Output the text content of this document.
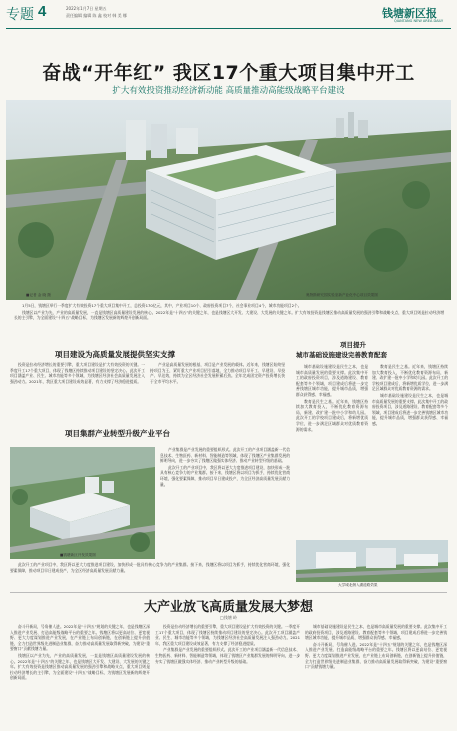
专题 4	2022年1月7日 星期五
责任编辑 编辑 陈 鑫 校对 韩 美 娜	钱塘新区报
QIANTANG NEW AREA DAILY
奋战“开年红” 我区17个重大项目集中开工
扩大有效投资推动经济新动能 高质量推动高能级战略平台建设
■记者 金 晓 摄	奥特斯研究园实验室新产业化中心项目效果图

1月5日，钱塘区举行一季度扩大有效投资17个重大项目集中开工，总投资170亿元，其中，产业项目10个、政府投资项目7个，社会事业项目4个，城市功能项目2个。

钱塘区以产业为先，产业的高质量发展，一直是钱塘区高质量建设发展的核心。2022年是“十四五”的关键之年，也是钱塘区大开发、大建设、大发展的关键之年。扩大有效投资是钱塘区推动高质量发展的强劲引擎和战略支点，重大项目则是拉动经济增长的主引擎，为全面建设“十四五”战略目标，为钱塘区发展新的辉煌开创新局面。

项目建设为高质量发展提供坚实支撑

投资是拉动经济增长的重要引擎，重大项目建设是扩大有效投资的关键。一季度开工17个重大项目，体现了钱塘区持续推动项目建设的坚定决心。此次开工项目涵盖产业、民生、城市功能等多个领域，为钱塘区经济社会高质量发展注入强劲动力。2021年，我区重大项目建设成效显著，有力支撑了经济稳进提质。

产业是高质量发展的根基，项目是产业发展的载体。近年来，钱塘区始终坚持项目为王，紧盯重大产业项目招引落地，全力推动项目早开工、早建设、早投产、早达效，持续为全区经济社会发展积蓄后劲。全年完成固定资产投资增长快于全市平均水平。

项目集群产业转型升级产业平台
■钱塘新区开发效果图

产业集群是产业发展的重要组织形式。此次开工的产业项目涵盖新一代信息技术、生物医药、新材料、智能制造等领域，体现了钱塘区产业集群发展的鲜明导向，进一步夯实了钱塘区做强实体经济、推动产业转型升级的基础。

此次开工的产业项目中，我区将以更大力度推进项目建设，加快形成一批具有核心竞争力的产业集群。接下来，钱塘区将以项目为抓手，持续优化营商环境，强化要素保障，推动项目早日建成投产，为全区经济高质量发展贡献力量。

此次开工的产业项目中，我区将以更大力度推进项目建设，加快形成一批具有核心竞争力的产业集群。接下来，钱塘区将以项目为抓手，持续优化营商环境，强化要素保障，推动项目早日建成投产，为全区经济高质量发展贡献力量。

项目提升
城市基础设施建设完善教育配套

城市基础设施建设是民生之本，也是城市高质量发展的重要支撑。此次集中开工的政府投资项目，涉及道路建设、教育配套等多个领域，项目建成后将进一步完善钱塘区城市功能，提升城市品质，增强群众获得感、幸福感。

教育是民生之基。近年来，钱塘区持续加大教育投入，不断优化教育资源布局，新建、改扩建一批中小学和幼儿园。此次开工的学校项目建成后，将新增优质学位，进一步满足区域群众对优质教育资源的需求。

教育是民生之基。近年来，钱塘区持续加大教育投入，不断优化教育资源布局，新建、改扩建一批中小学和幼儿园。此次开工的学校项目建成后，将新增优质学位，进一步满足区域群众对优质教育资源的需求。

城市基础设施建设是民生之本，也是城市高质量发展的重要支撑。此次集中开工的政府投资项目，涉及道路建设、教育配套等多个领域，项目建成后将进一步完善钱塘区城市功能，提升城市品质，增强群众获得感、幸福感。

大学城北侧入湖道路效果
大产业放飞高质量发展大梦想
□钱塘 岭

奋斗开新局，号角催人进。2022年是“十四五”规划的关键之年，也是钱塘区深入推进产业发展、打造高能级战略平台的重要之年。钱塘区将以更高站位、更宽视野、更大力度谋划推进产业发展，在产业链上布局创新链，在创新链上提升价值链，全力打造世界级先进制造业集群，奋力推动高质量发展取得新突破，为建设“重要窗口”贡献钱塘力量。

钱塘区以产业为先，产业的高质量发展，一直是钱塘区高质量建设发展的核心。2022年是“十四五”的关键之年，也是钱塘区大开发、大建设、大发展的关键之年。扩大有效投资是钱塘区推动高质量发展的强劲引擎和战略支点，重大项目则是拉动经济增长的主引擎，为全面建设“十四五”战略目标，为钱塘区发展新的辉煌开创新局面。

投资是拉动经济增长的重要引擎，重大项目建设是扩大有效投资的关键。一季度开工17个重大项目，体现了钱塘区持续推动项目建设的坚定决心。此次开工项目涵盖产业、民生、城市功能等多个领域，为钱塘区经济社会高质量发展注入强劲动力。2021年，我区重大项目建设成效显著，有力支撑了经济稳进提质。

产业集群是产业发展的重要组织形式。此次开工的产业项目涵盖新一代信息技术、生物医药、新材料、智能制造等领域，体现了钱塘区产业集群发展的鲜明导向，进一步夯实了钱塘区做强实体经济、推动产业转型升级的基础。

城市基础设施建设是民生之本，也是城市高质量发展的重要支撑。此次集中开工的政府投资项目，涉及道路建设、教育配套等多个领域，项目建成后将进一步完善钱塘区城市功能，提升城市品质，增强群众获得感、幸福感。

奋斗开新局，号角催人进。2022年是“十四五”规划的关键之年，也是钱塘区深入推进产业发展、打造高能级战略平台的重要之年。钱塘区将以更高站位、更宽视野、更大力度谋划推进产业发展，在产业链上布局创新链，在创新链上提升价值链，全力打造世界级先进制造业集群，奋力推动高质量发展取得新突破，为建设“重要窗口”贡献钱塘力量。
